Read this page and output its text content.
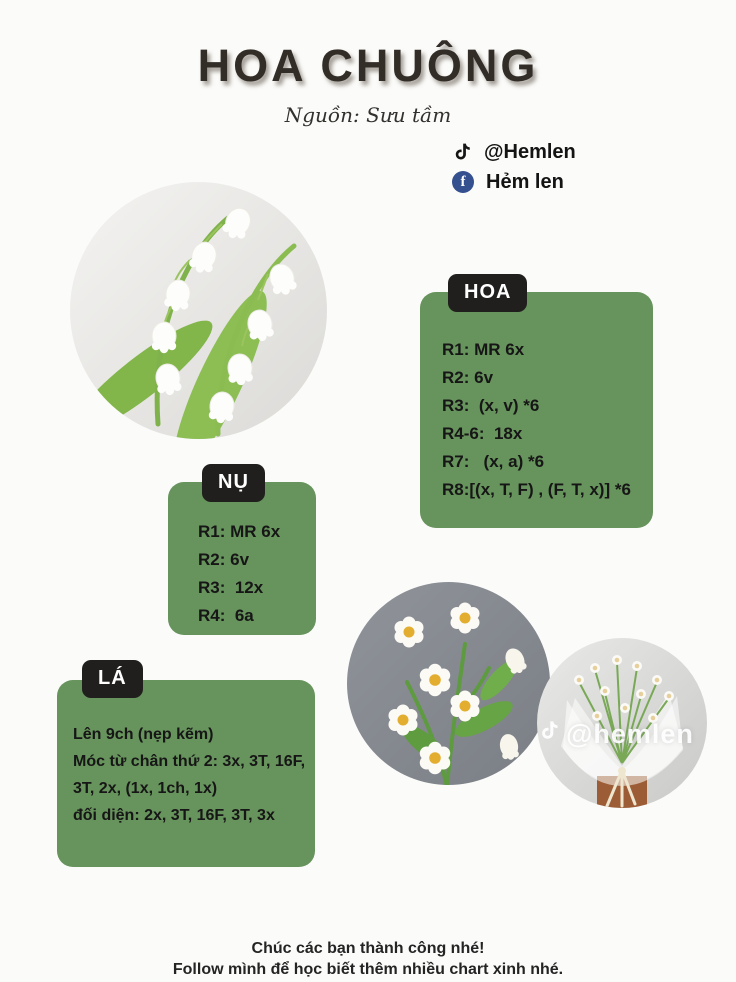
HOA CHUÔNG
Nguồn: Sưu tầm
@Hemlen
f	Hẻm len
R1: MR 6x
R2: 6v
R3:  (x, v) *6
R4-6:  18x
R7:   (x, a) *6
R8:[(x, T, F) , (F, T, x)] *6
HOA
R1: MR 6x
R2: 6v
R3:  12x
R4:  6a
NỤ
Lên 9ch (nẹp kẽm)
Móc từ chân thứ 2: 3x, 3T, 16F,
3T, 2x, (1x, 1ch, 1x)
đối diện: 2x, 3T, 16F, 3T, 3x
LÁ
@hemlen
Chúc các bạn thành công nhé!
Follow mình để học biết thêm nhiều chart xinh nhé.
